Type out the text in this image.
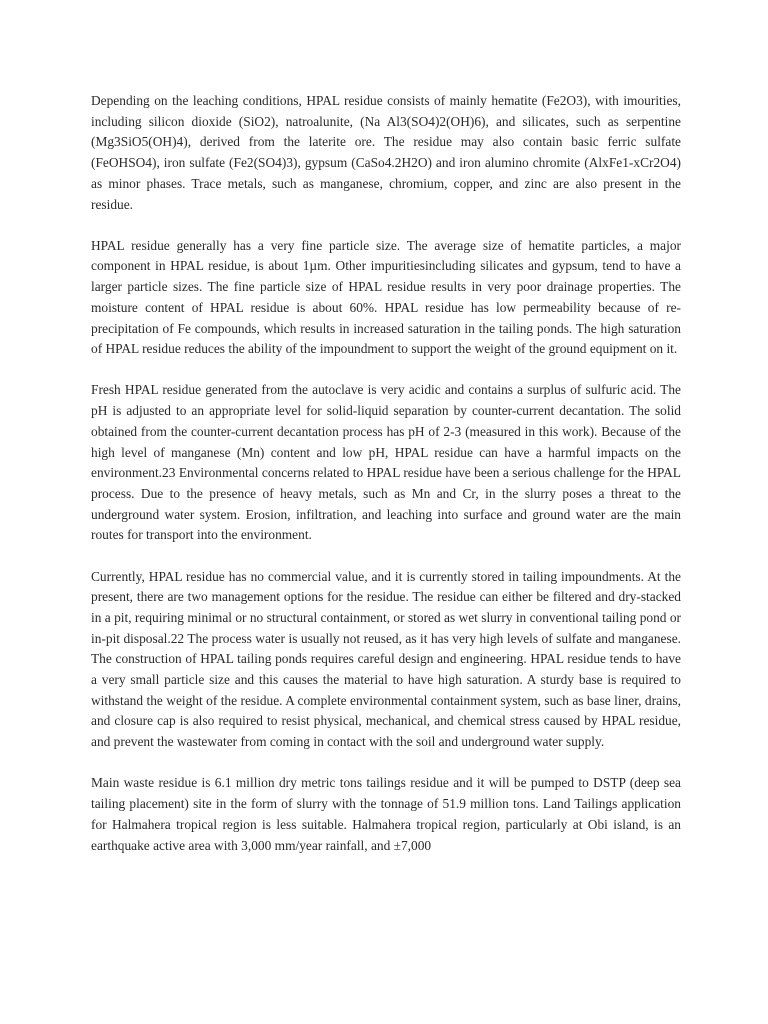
Depending on the leaching conditions, HPAL residue consists of mainly hematite (Fe2O3), with imourities, including silicon dioxide (SiO2), natroalunite, (Na Al3(SO4)2(OH)6), and silicates, such as serpentine (Mg3SiO5(OH)4), derived from the laterite ore. The residue may also contain basic ferric sulfate (FeOHSO4), iron sulfate (Fe2(SO4)3), gypsum (CaSo4.2H2O) and iron alumino chromite (AlxFe1-xCr2O4) as minor phases. Trace metals, such as manganese, chromium, copper, and zinc are also present in the residue.

HPAL residue generally has a very fine particle size. The average size of hematite particles, a major component in HPAL residue, is about 1µm. Other impuritiesincluding silicates and gypsum, tend to have a larger particle sizes. The fine particle size of HPAL residue results in very poor drainage properties. The moisture content of HPAL residue is about 60%. HPAL residue has low permeability because of re-precipitation of Fe compounds, which results in increased saturation in the tailing ponds. The high saturation of HPAL residue reduces the ability of the impoundment to support the weight of the ground equipment on it.

Fresh HPAL residue generated from the autoclave is very acidic and contains a surplus of sulfuric acid. The pH is adjusted to an appropriate level for solid-liquid separation by counter-current decantation. The solid obtained from the counter-current decantation process has pH of 2-3 (measured in this work). Because of the high level of manganese (Mn) content and low pH, HPAL residue can have a harmful impacts on the environment.23 Environmental concerns related to HPAL residue have been a serious challenge for the HPAL process. Due to the presence of heavy metals, such as Mn and Cr, in the slurry poses a threat to the underground water system. Erosion, infiltration, and leaching into surface and ground water are the main routes for transport into the environment.

Currently, HPAL residue has no commercial value, and it is currently stored in tailing impoundments. At the present, there are two management options for the residue. The residue can either be filtered and dry-stacked in a pit, requiring minimal or no structural containment, or stored as wet slurry in conventional tailing pond or in-pit disposal.22 The process water is usually not reused, as it has very high levels of sulfate and manganese. The construction of HPAL tailing ponds requires careful design and engineering. HPAL residue tends to have a very small particle size and this causes the material to have high saturation. A sturdy base is required to withstand the weight of the residue. A complete environmental containment system, such as base liner, drains, and closure cap is also required to resist physical, mechanical, and chemical stress caused by HPAL residue, and prevent the wastewater from coming in contact with the soil and underground water supply.

Main waste residue is 6.1 million dry metric tons tailings residue and it will be pumped to DSTP (deep sea tailing placement) site in the form of slurry with the tonnage of 51.9 million tons. Land Tailings application for Halmahera tropical region is less suitable. Halmahera tropical region, particularly at Obi island, is an earthquake active area with 3,000 mm/year rainfall, and ±7,000
